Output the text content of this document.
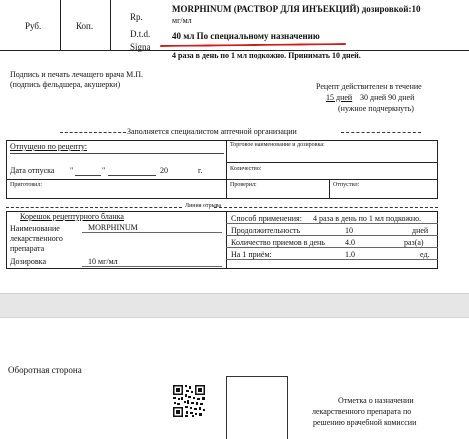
Руб.	Коп.
Rp.
D.t.d.
Signa
MORPHINUM (РАСТВОР ДЛЯ ИНЪЕКЦИЙ) дозировкой:10
мг/мл
40 мл По специальному назначению
4 раза в день по 1 мл подкожно. Принимать 10 дней.
Подпись и печать лечащего врача М.П.
(подпись фельдшера, акушерки)	Рецепт действителен в течение
15 дней 30 дней 90 дней
(нужное подчеркнуть)
Заполняется специалистом аптечной организации
Отпущено по рецепту:	Торговое наименование и дозировка:
Дата отпуска "	"	20	г.	Количество:
Приготовил:	Проверил:	Отпустил:
Линия отрыва
Корешок рецептурного бланка
Наименование
лекарственного
препарата
MORPHINUM
Дозировка	10 мг/мл
Способ применения: 4 раза в день по 1 мл подкожно.
Продолжительность	10	дней
Количество приемов в день	4.0	раз(а)
На 1 приём:	1.0	ед.
Оборотная сторона
Отметка о назначении
лекарственного препарата по
решению врачебной комиссии
